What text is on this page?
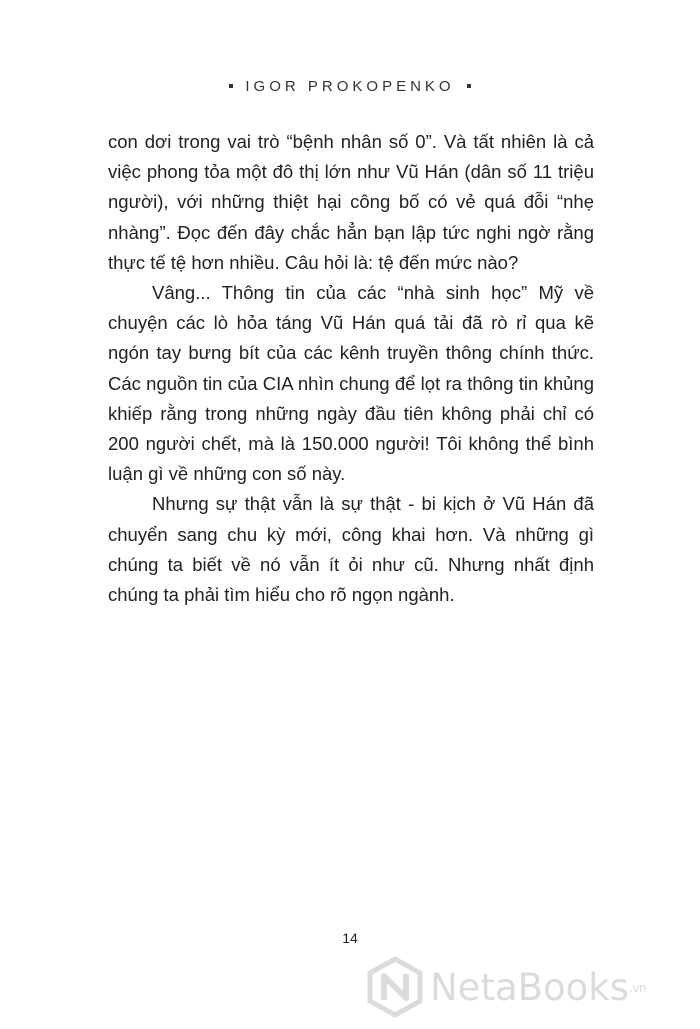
IGOR PROKOPENKO

con dơi trong vai trò “bệnh nhân số 0”. Và tất nhiên là cả việc phong tỏa một đô thị lớn như Vũ Hán (dân số 11 triệu người), với những thiệt hại công bố có vẻ quá đỗi “nhẹ nhàng”. Đọc đến đây chắc hẳn bạn lập tức nghi ngờ rằng thực tế tệ hơn nhiều. Câu hỏi là: tệ đến mức nào?

Vâng... Thông tin của các “nhà sinh học” Mỹ về chuyện các lò hỏa táng Vũ Hán quá tải đã rò rỉ qua kẽ ngón tay bưng bít của các kênh truyền thông chính thức. Các nguồn tin của CIA nhìn chung để lọt ra thông tin khủng khiếp rằng trong những ngày đầu tiên không phải chỉ có 200 người chết, mà là 150.000 người! Tôi không thể bình luận gì về những con số này.

Nhưng sự thật vẫn là sự thật - bi kịch ở Vũ Hán đã chuyển sang chu kỳ mới, công khai hơn. Và những gì chúng ta biết về nó vẫn ít ỏi như cũ. Nhưng nhất định chúng ta phải tìm hiểu cho rõ ngọn ngành.

14
NetaBooks .vn
